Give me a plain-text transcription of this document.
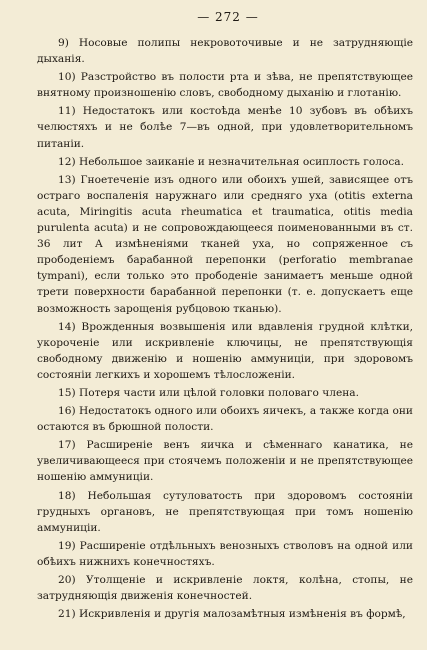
— 272 —

9) Носовые полипы некровоточивые и не затрудняющіе дыханія.

10) Разстройство въ полости рта и зѣва, не препятствующее внятному произношенію словъ, свободному дыханію и глотанію.

11) Недостатокъ или костоѣда менѣе 10 зубовъ въ обѣихъ челюстяхъ и не болѣе 7—въ одной, при удовлетворительномъ питаніи.

12) Небольшое заиканіе и незначительная осиплость голоса.

13) Гноетеченіе изъ одного или обоихъ ушей, зависящее отъ остраго воспаленія наружнаго или средняго уха (otitis externa acuta, Miringitis acuta rheumatica et traumatica, otitis media purulenta acuta) и не сопровождающееся поименованными въ ст. 36 лит А измѣненіями тканей уха, но сопряженное съ прободеніемъ барабанной перепонки (perforatio membranae tympani), если только это прободеніе занимаетъ меньше одной трети поверхности барабанной перепонки (т. е. допускаетъ еще возможность зарощенія рубцовою тканью).

14) Врожденныя возвышенія или вдавленія грудной клѣтки, укороченіе или искривленіе ключицы, не препятствующія свободному движенію и ношенію аммуниціи, при здоровомъ состояніи легкихъ и хорошемъ тѣлосложеніи.

15) Потеря части или цѣлой головки половаго члена.

16) Недостатокъ одного или обоихъ яичекъ, а также когда они остаются въ брюшной полости.

17) Расширеніе венъ яичка и сѣменнаго канатика, не увеличивающееся при стоячемъ положеніи и не препятствующее ношенію аммуниціи.

18) Небольшая сутуловатость при здоровомъ состояніи грудныхъ органовъ, не препятствующая при томъ ношенію аммуниціи.

19) Расширеніе отдѣльныхъ венозныхъ стволовъ на одной или обѣихъ нижнихъ конечностяхъ.

20) Утолщеніе и искривленіе локтя, колѣна, стопы, не затрудняющія движенія конечностей.

21) Искривленія и другія малозамѣтныя измѣненія въ формѣ,
